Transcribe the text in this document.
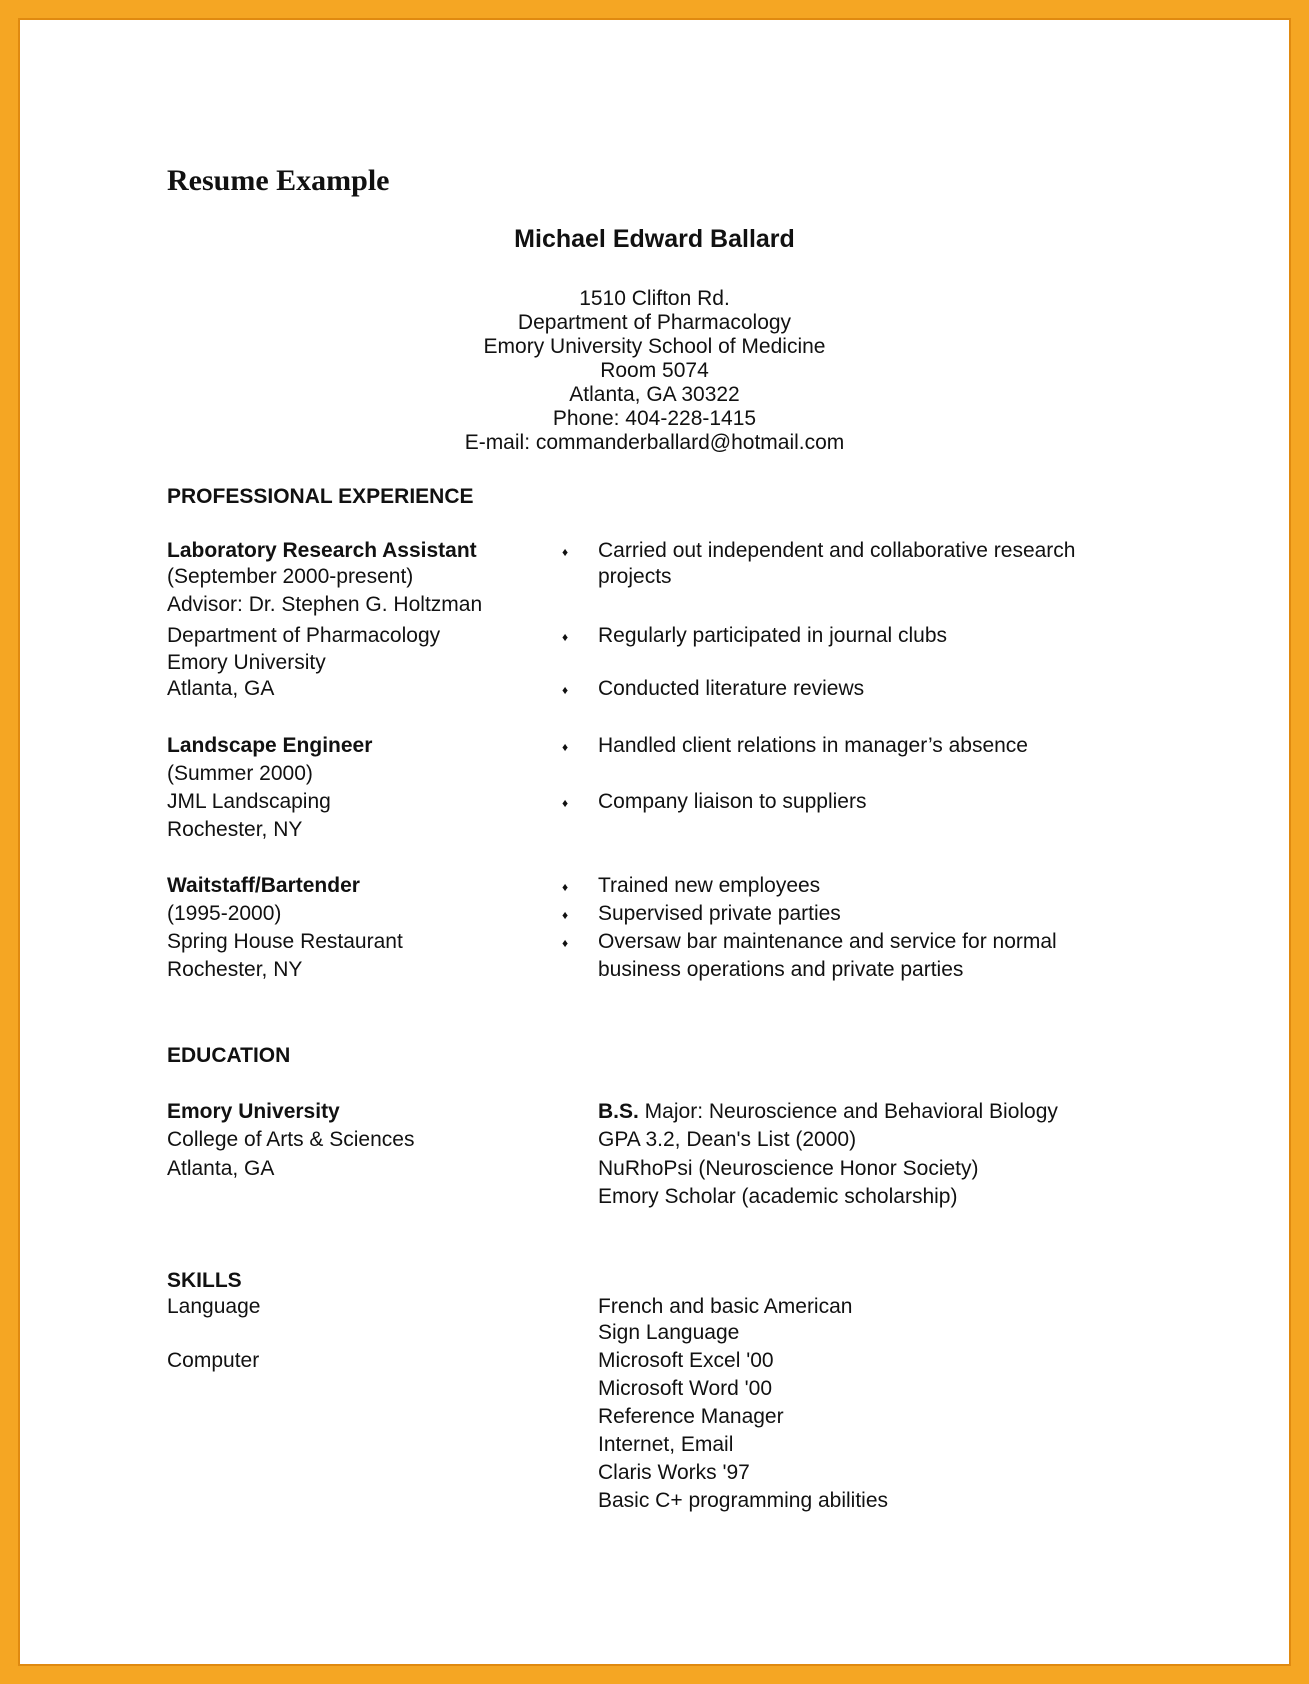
Resume Example
Michael Edward Ballard
1510 Clifton Rd.
Department of Pharmacology
Emory University School of Medicine
Room 5074
Atlanta, GA 30322
Phone: 404-228-1415
E-mail: commanderballard@hotmail.com
PROFESSIONAL EXPERIENCE
Laboratory Research Assistant
(September 2000-present)
Advisor: Dr. Stephen G. Holtzman
Department of Pharmacology
Emory University
Atlanta, GA
♦ Carried out independent and collaborative research
projects
♦ Regularly participated in journal clubs
♦ Conducted literature reviews
Landscape Engineer
(Summer 2000)
JML Landscaping
Rochester, NY
♦ Handled client relations in manager’s absence
♦ Company liaison to suppliers
Waitstaff/Bartender
(1995-2000)
Spring House Restaurant
Rochester, NY
♦ Trained new employees
♦ Supervised private parties
♦ Oversaw bar maintenance and service for normal
business operations and private parties
EDUCATION
Emory University
College of Arts & Sciences
Atlanta, GA
B.S. Major: Neuroscience and Behavioral Biology
GPA 3.2, Dean's List (2000)
NuRhoPsi (Neuroscience Honor Society)
Emory Scholar (academic scholarship)
SKILLS
Language	French and basic American
Sign Language
Computer	Microsoft Excel '00
Microsoft Word '00
Reference Manager
Internet, Email
Claris Works '97
Basic C+ programming abilities
